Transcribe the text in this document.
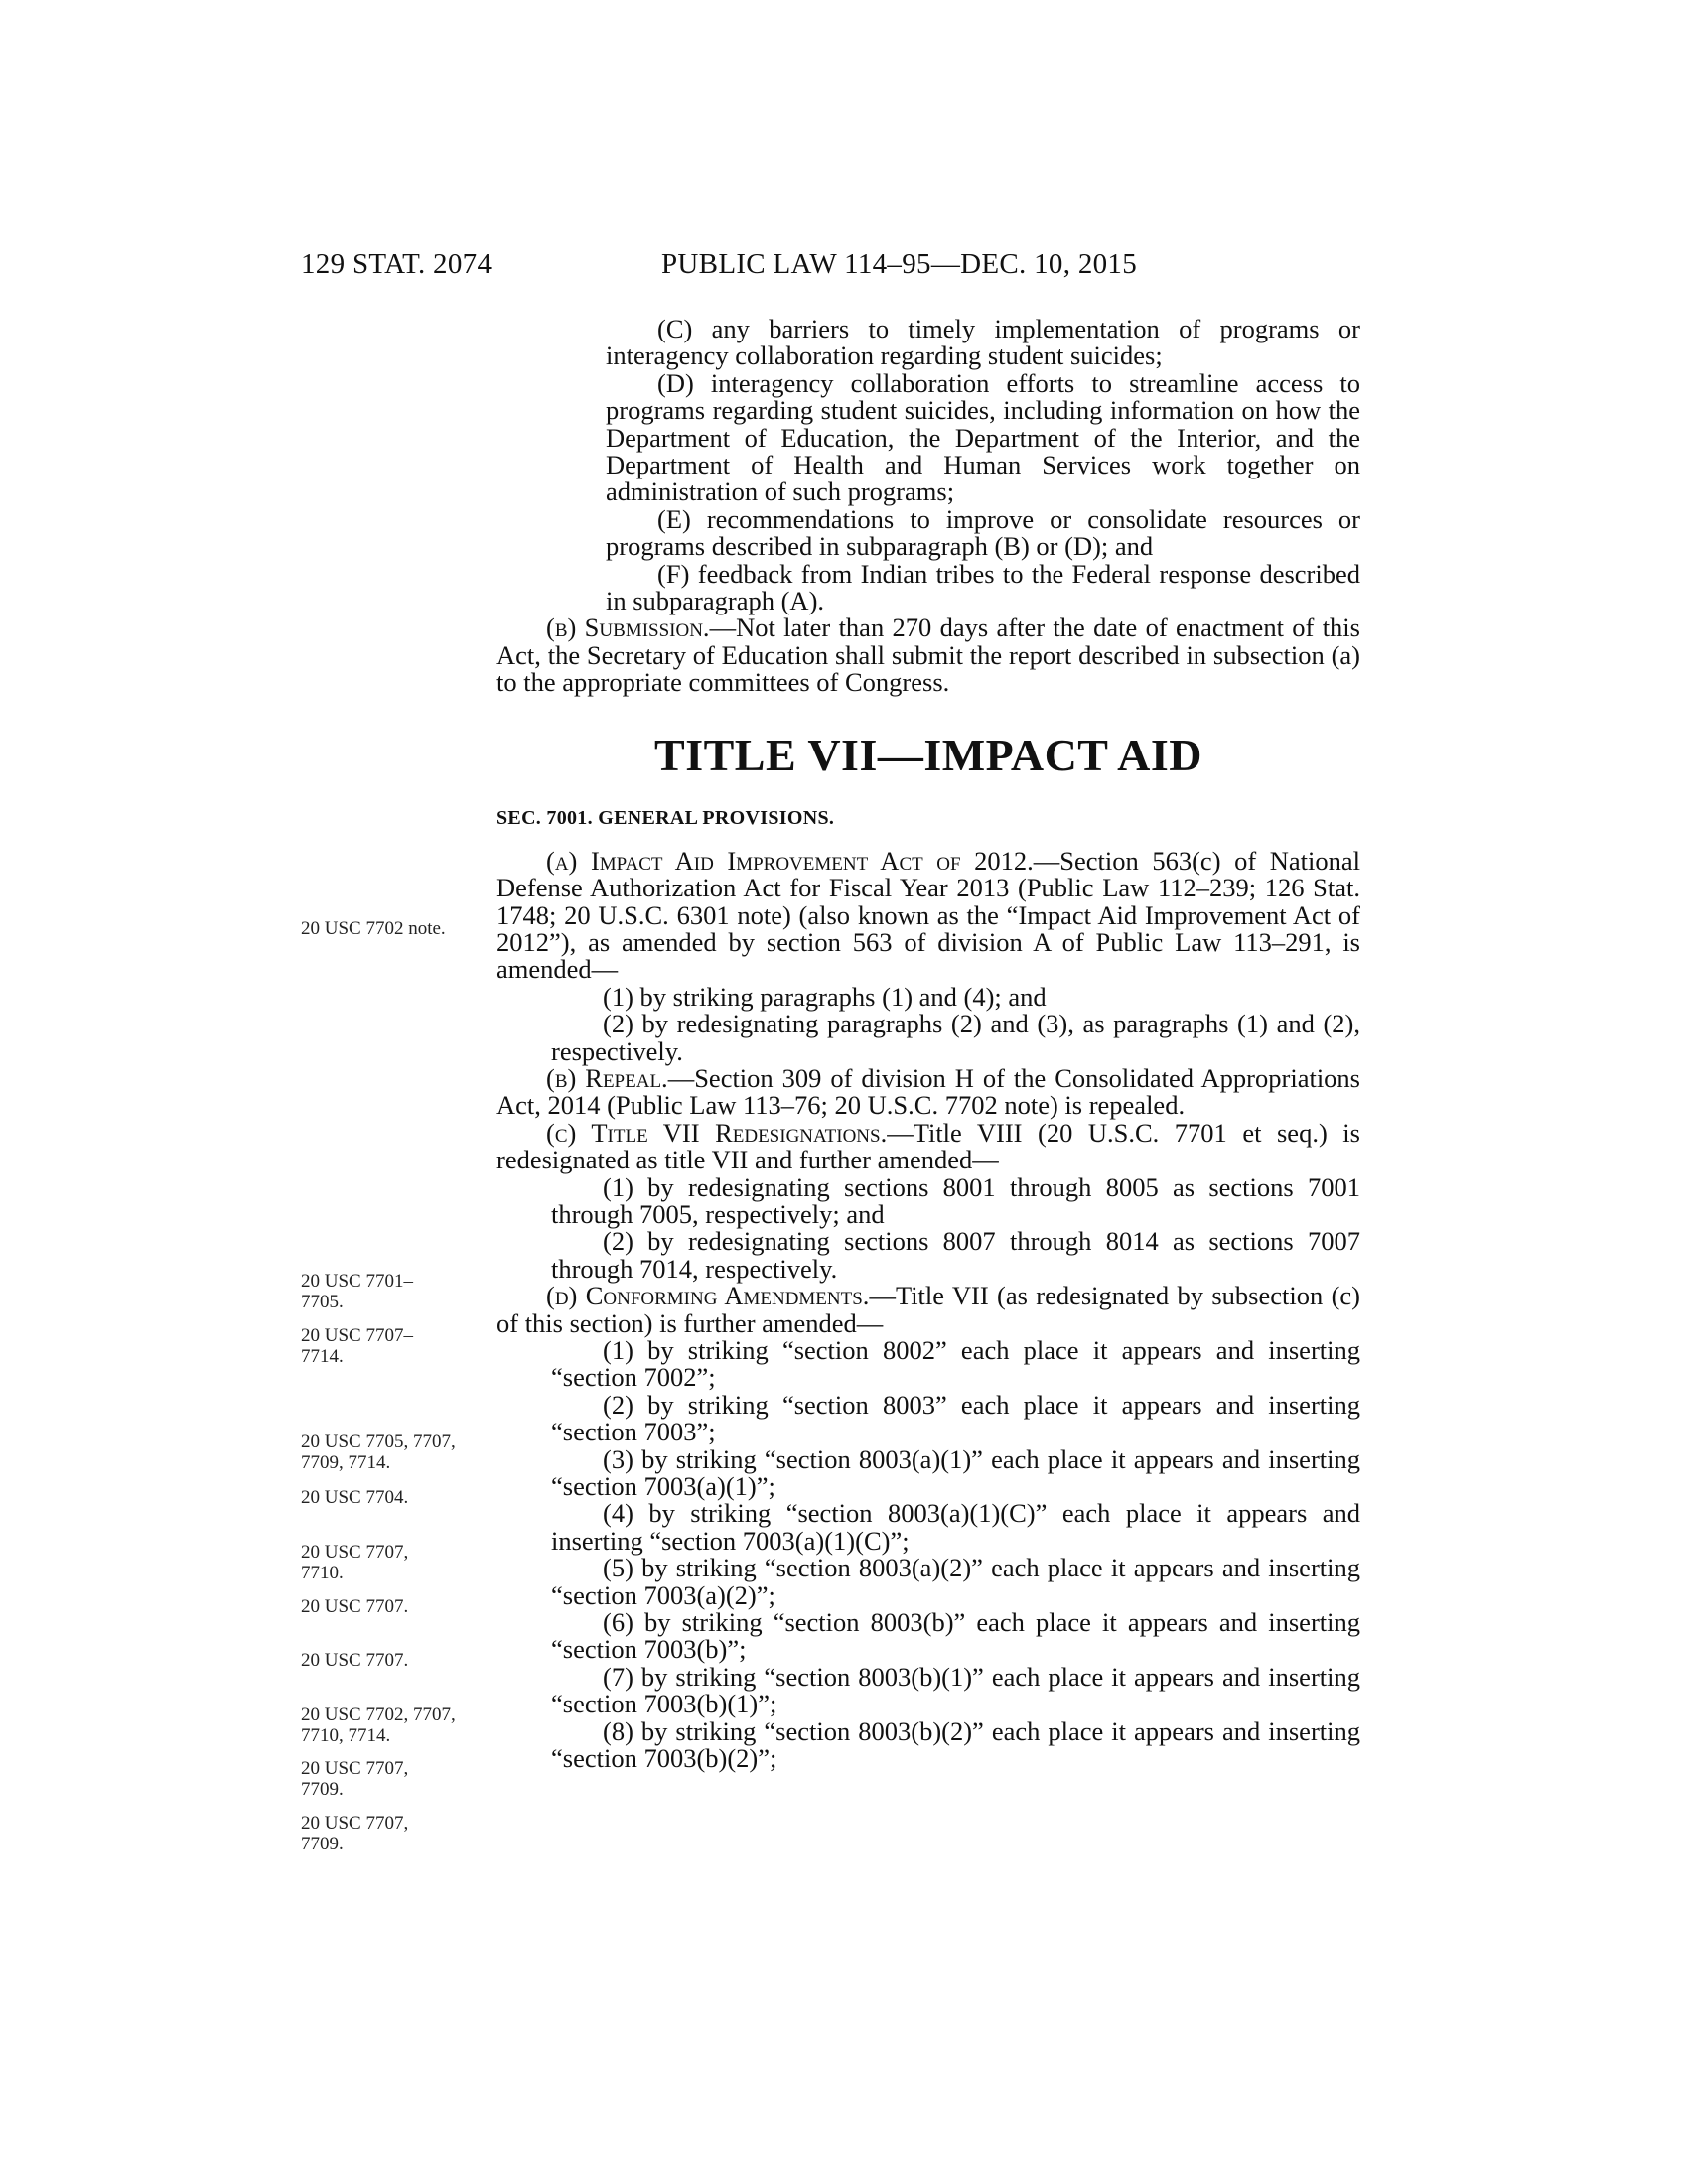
129 STAT. 2074	PUBLIC LAW 114–95—DEC. 10, 2015
20 USC 7702 note.
20 USC 7701–7705.
20 USC 7707–7714.
20 USC 7705, 7707, 7709, 7714.
20 USC 7704.
20 USC 7707, 7710.
20 USC 7707.
20 USC 7707.
20 USC 7702, 7707, 7710, 7714.
20 USC 7707, 7709.
20 USC 7707, 7709.

(C) any barriers to timely implementation of programs or interagency collaboration regarding student suicides;

(D) interagency collaboration efforts to streamline access to programs regarding student suicides, including information on how the Department of Education, the Department of the Interior, and the Department of Health and Human Services work together on administration of such programs;

(E) recommendations to improve or consolidate resources or programs described in subparagraph (B) or (D); and

(F) feedback from Indian tribes to the Federal response described in subparagraph (A).

(b) Submission.—Not later than 270 days after the date of enactment of this Act, the Secretary of Education shall submit the report described in subsection (a) to the appropriate committees of Congress.

TITLE VII—IMPACT AID
SEC. 7001. GENERAL PROVISIONS.

(a) Impact Aid Improvement Act of 2012.—Section 563(c) of National Defense Authorization Act for Fiscal Year 2013 (Public Law 112–239; 126 Stat. 1748; 20 U.S.C. 6301 note) (also known as the “Impact Aid Improvement Act of 2012”), as amended by section 563 of division A of Public Law 113–291, is amended—

(1) by striking paragraphs (1) and (4); and

(2) by redesignating paragraphs (2) and (3), as paragraphs (1) and (2), respectively.

(b) Repeal.—Section 309 of division H of the Consolidated Appropriations Act, 2014 (Public Law 113–76; 20 U.S.C. 7702 note) is repealed.

(c) Title VII Redesignations.—Title VIII (20 U.S.C. 7701 et seq.) is redesignated as title VII and further amended—

(1) by redesignating sections 8001 through 8005 as sections 7001 through 7005, respectively; and

(2) by redesignating sections 8007 through 8014 as sections 7007 through 7014, respectively.

(d) Conforming Amendments.—Title VII (as redesignated by subsection (c) of this section) is further amended—

(1) by striking “section 8002” each place it appears and inserting “section 7002”;

(2) by striking “section 8003” each place it appears and inserting “section 7003”;

(3) by striking “section 8003(a)(1)” each place it appears and inserting “section 7003(a)(1)”;

(4) by striking “section 8003(a)(1)(C)” each place it appears and inserting “section 7003(a)(1)(C)”;

(5) by striking “section 8003(a)(2)” each place it appears and inserting “section 7003(a)(2)”;

(6) by striking “section 8003(b)” each place it appears and inserting “section 7003(b)”;

(7) by striking “section 8003(b)(1)” each place it appears and inserting “section 7003(b)(1)”;

(8) by striking “section 8003(b)(2)” each place it appears and inserting “section 7003(b)(2)”;
